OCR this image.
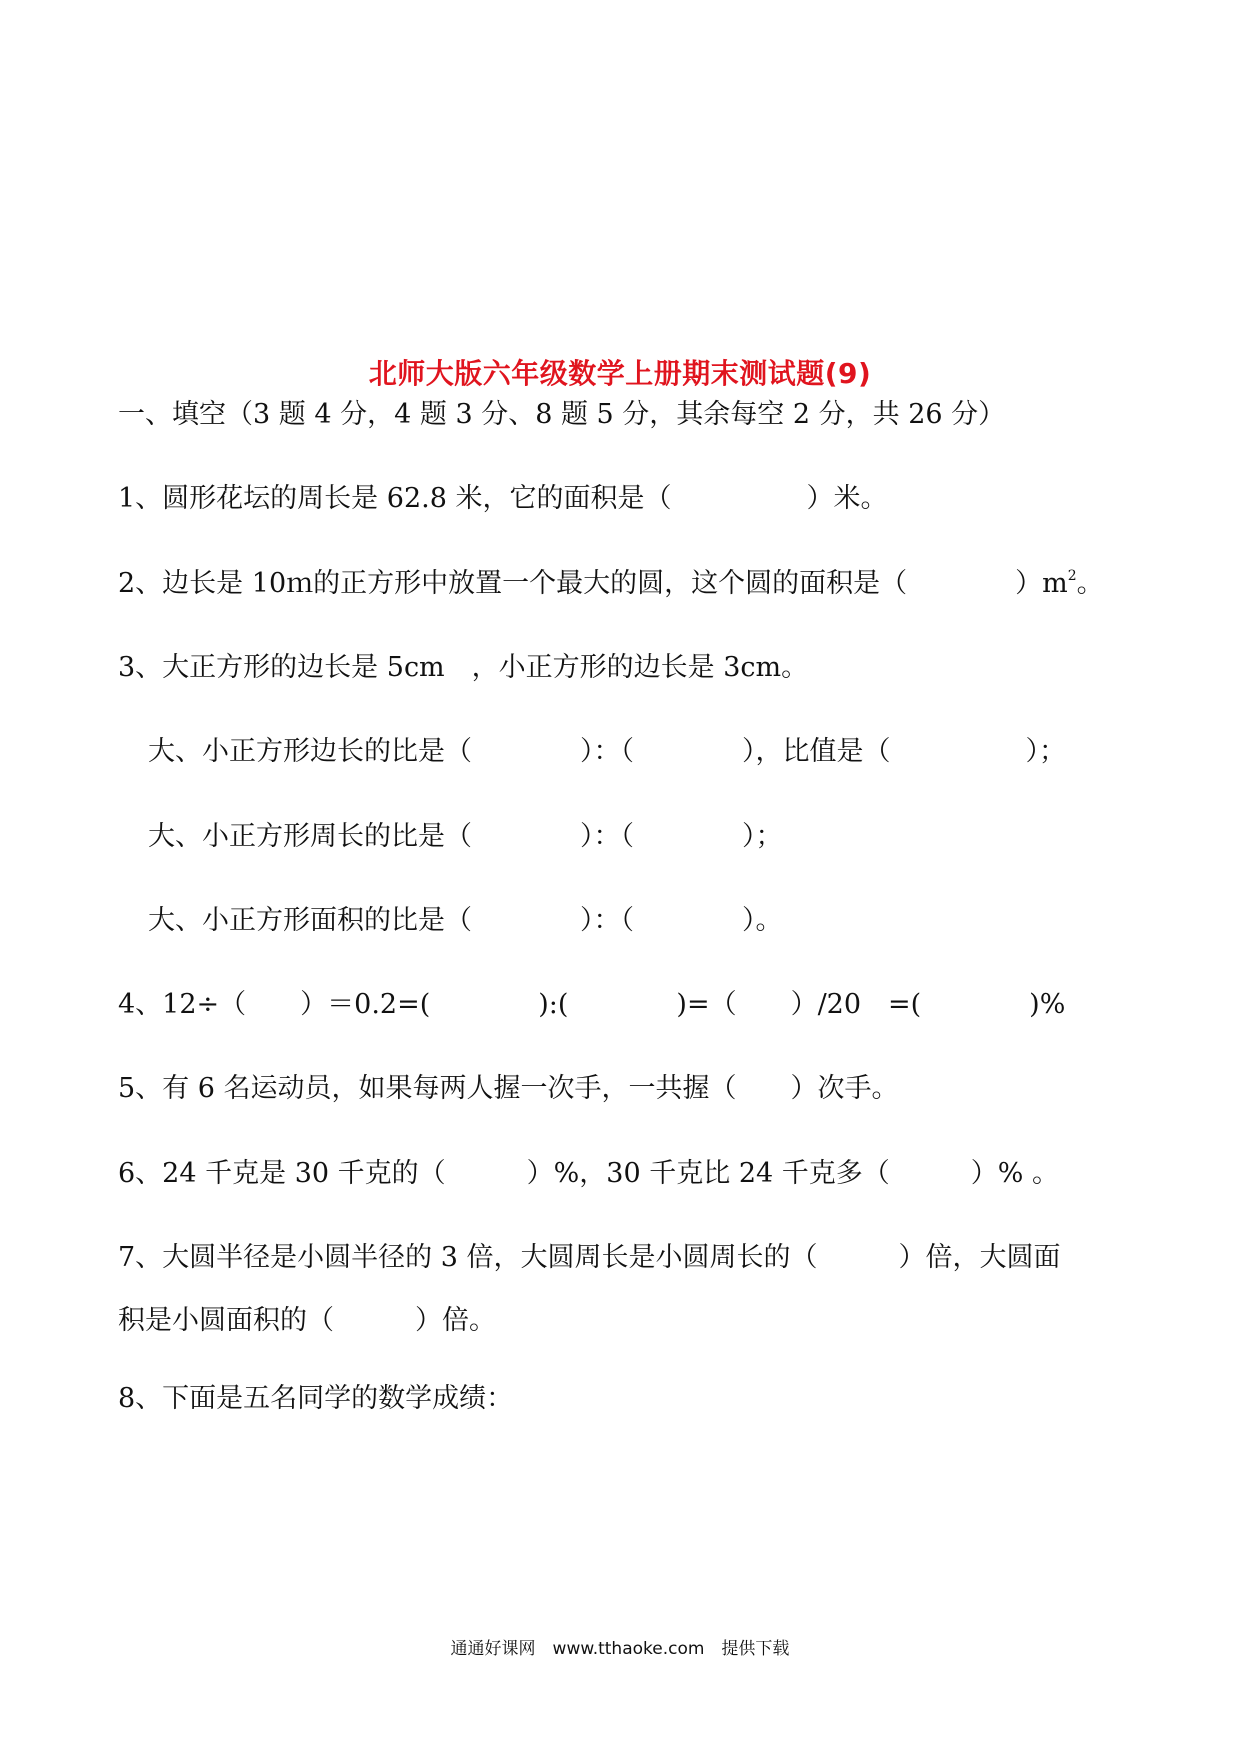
北师大版六年级数学上册期末测试题(9)
一、填空（3 题 4 分，4 题 3 分、8 题 5 分，其余每空 2 分，共 26 分）
1、圆形花坛的周长是 62.8 米，它的面积是（　　　　　）米。
2、边长是 10ｍ的正方形中放置一个最大的圆，这个圆的面积是（　　　　）$m^2$。
3、大正方形的边长是 5cm　，小正方形的边长是 3cm。
大、小正方形边长的比是（　　　　）：（　　　　），比值是（　　　　　）；
大、小正方形周长的比是（　　　　）：（　　　　）；
大、小正方形面积的比是（　　　　）：（　　　　）。
4、12÷（　　）＝0.2=(　　　　):(　　　　)=（　　）/20　=(　　　　)%
5、有 6 名运动员，如果每两人握一次手，一共握（　　）次手。
6、24 千克是 30 千克的（　　　）%，30 千克比 24 千克多（　　　）% 。
7、大圆半径是小圆半径的 3 倍，大圆周长是小圆周长的（　　　）倍，大圆面
积是小圆面积的（　　　）倍。
8、下面是五名同学的数学成绩：
通通好课网　www.tthaoke.com　提供下载
